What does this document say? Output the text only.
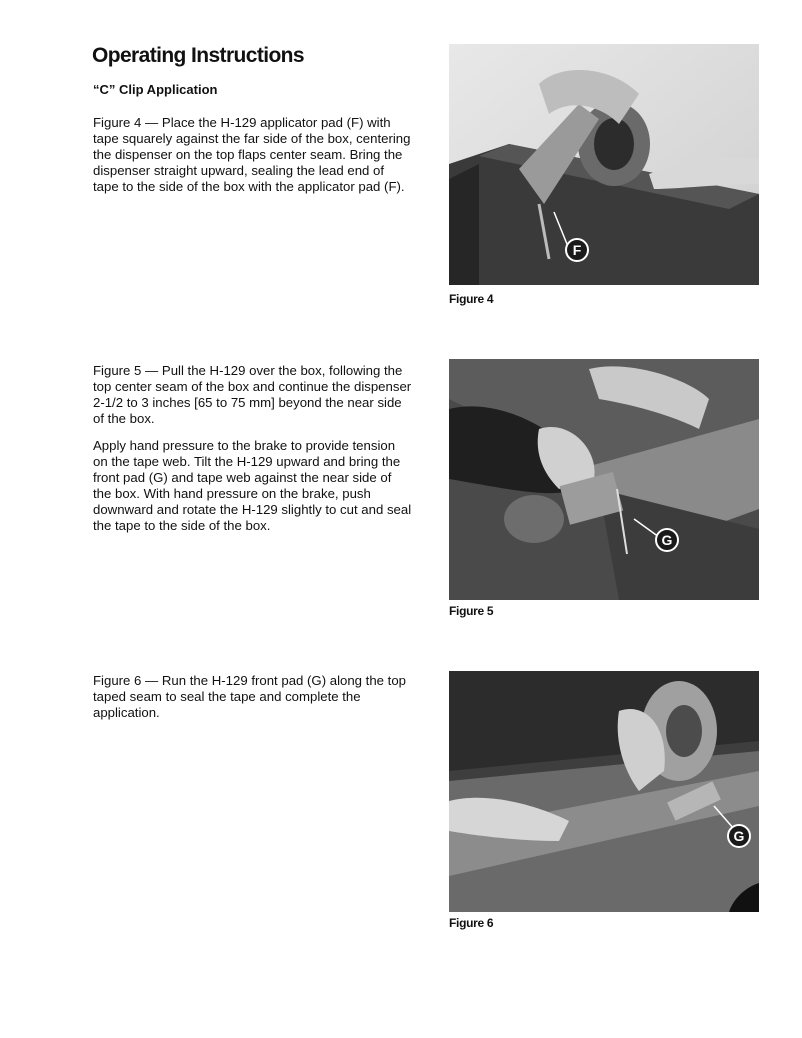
Operating Instructions
“C” Clip Application

Figure 4 — Place the H-129 applicator pad (F) with tape squarely against the far side of the box, centering the dispenser on the top flaps center seam. Bring the dispenser straight upward, sealing the lead end of tape to the side of the box with the applicator pad (F).

F

Figure 4

Figure 5 — Pull the H-129 over the box, following the top center seam of the box and continue the dispenser 2-1/2 to 3 inches [65 to 75 mm] beyond the near side of the box.

Apply hand pressure to the brake to provide tension on the tape web. Tilt the H-129 upward and bring the front pad (G) and tape web against the near side of the box. With hand pressure on the brake, push downward and rotate the H-129 slightly to cut and seal the tape to the side of the box.

G

Figure 5

Figure 6 — Run the H-129 front pad (G) along the top taped seam to seal the tape and complete the application.

G

Figure 6
